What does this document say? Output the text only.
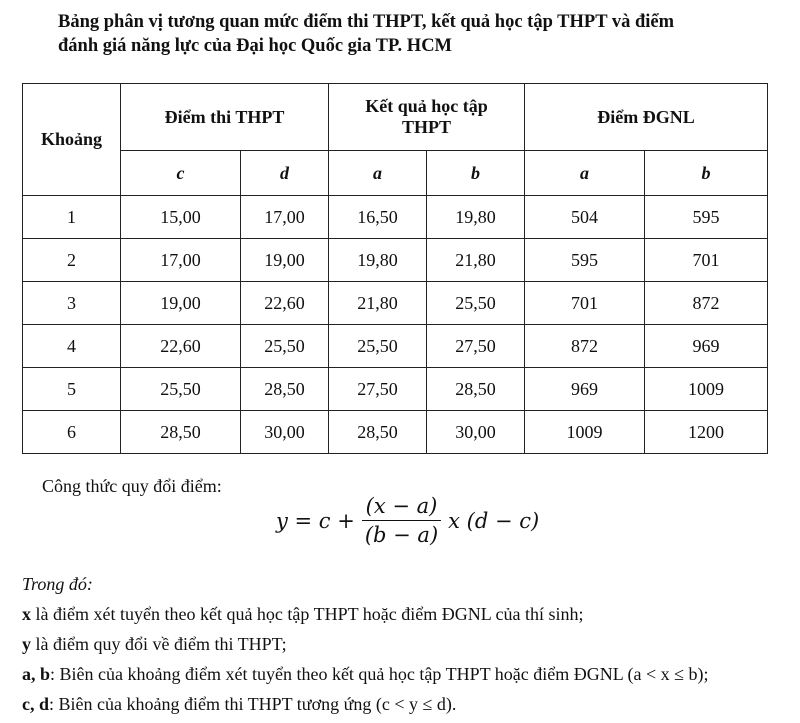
Bảng phân vị tương quan mức điểm thi THPT, kết quả học tập THPT và điểm
đánh giá năng lực của Đại học Quốc gia TP. HCM
Khoảng	Điểm thi THPT		Kết quả học tập THPT		Điểm ĐGNL	
	c	d	a	b	a	b
1	15,00	17,00	16,50	19,80	504	595
2	17,00	19,00	19,80	21,80	595	701
3	19,00	22,60	21,80	25,50	701	872
4	22,60	25,50	25,50	27,50	872	969
5	25,50	28,50	27,50	28,50	969	1009
6	28,50	30,00	28,50	30,00	1009	1200
Công thức quy đổi điểm:
$y = c + \frac{(x - a)}{(b - a)}$ x (d − c)
Trong đó:
x là điểm xét tuyển theo kết quả học tập THPT hoặc điểm ĐGNL của thí sinh;
y là điểm quy đổi về điểm thi THPT;
a, b: Biên của khoảng điểm xét tuyển theo kết quả học tập THPT hoặc điểm ĐGNL (a < x ≤ b);
c, d: Biên của khoảng điểm thi THPT tương ứng (c < y ≤ d).
